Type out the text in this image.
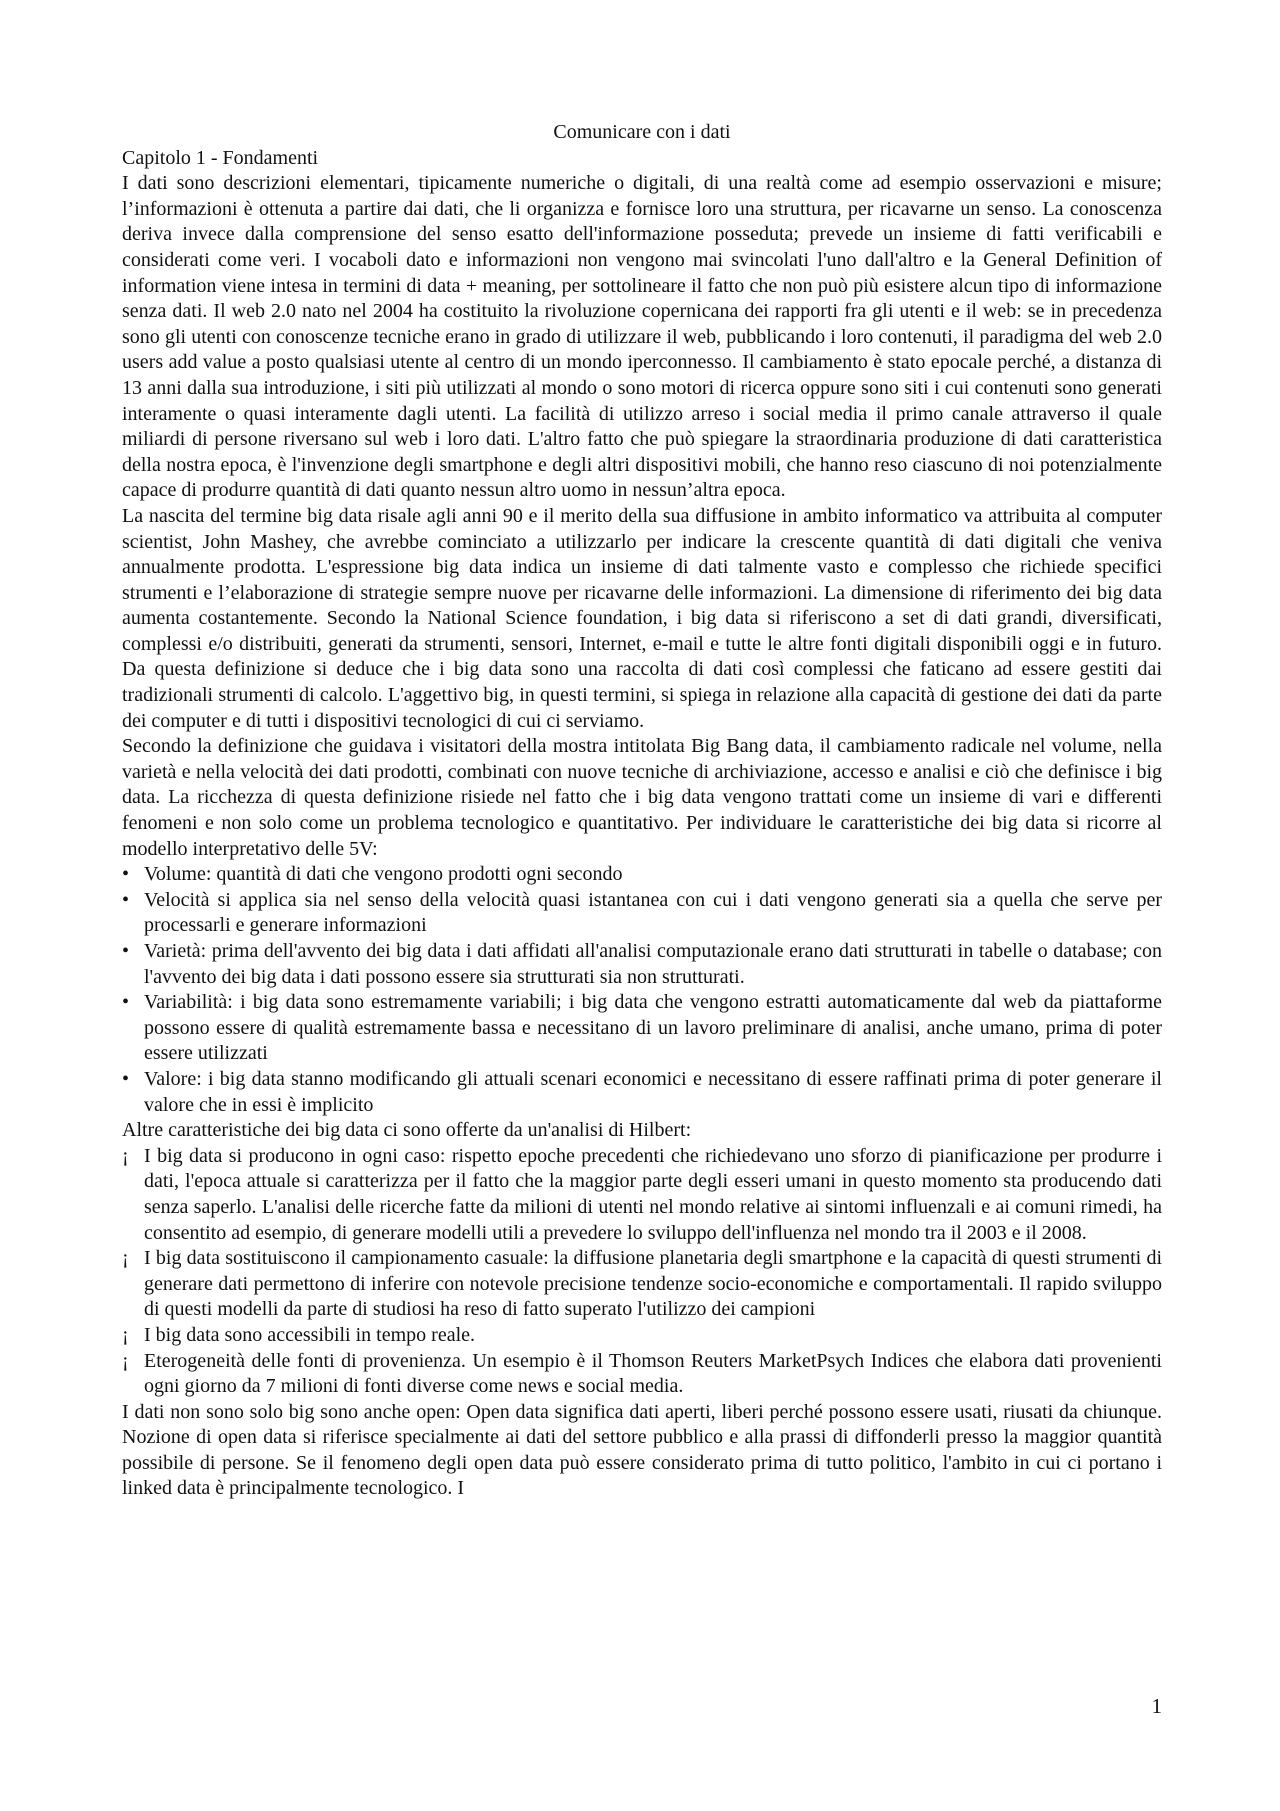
Comunicare con i dati
Capitolo 1 - Fondamenti

I dati sono descrizioni elementari, tipicamente numeriche o digitali, di una realtà come ad esempio osservazioni e misure; l’informazioni è ottenuta a partire dai dati, che li organizza e fornisce loro una struttura, per ricavarne un senso. La conoscenza deriva invece dalla comprensione del senso esatto dell'informazione posseduta; prevede un insieme di fatti verificabili e considerati come veri. I vocaboli dato e informazioni non vengono mai svincolati l'uno dall'altro e la General Definition of information viene intesa in termini di data + meaning, per sottolineare il fatto che non può più esistere alcun tipo di informazione senza dati. Il web 2.0 nato nel 2004 ha costituito la rivoluzione copernicana dei rapporti fra gli utenti e il web: se in precedenza sono gli utenti con conoscenze tecniche erano in grado di utilizzare il web, pubblicando i loro contenuti, il paradigma del web 2.0 users add value a posto qualsiasi utente al centro di un mondo iperconnesso. Il cambiamento è stato epocale perché, a distanza di 13 anni dalla sua introduzione, i siti più utilizzati al mondo o sono motori di ricerca oppure sono siti i cui contenuti sono generati interamente o quasi interamente dagli utenti. La facilità di utilizzo arreso i social media il primo canale attraverso il quale miliardi di persone riversano sul web i loro dati. L'altro fatto che può spiegare la straordinaria produzione di dati caratteristica della nostra epoca, è l'invenzione degli smartphone e degli altri dispositivi mobili, che hanno reso ciascuno di noi potenzialmente capace di produrre quantità di dati quanto nessun altro uomo in nessun’altra epoca.

La nascita del termine big data risale agli anni 90 e il merito della sua diffusione in ambito informatico va attribuita al computer scientist, John Mashey, che avrebbe cominciato a utilizzarlo per indicare la crescente quantità di dati digitali che veniva annualmente prodotta. L'espressione big data indica un insieme di dati talmente vasto e complesso che richiede specifici strumenti e l’elaborazione di strategie sempre nuove per ricavarne delle informazioni. La dimensione di riferimento dei big data aumenta costantemente. Secondo la National Science foundation, i big data si riferiscono a set di dati grandi, diversificati, complessi e/o distribuiti, generati da strumenti, sensori, Internet, e-mail e tutte le altre fonti digitali disponibili oggi e in futuro. Da questa definizione si deduce che i big data sono una raccolta di dati così complessi che faticano ad essere gestiti dai tradizionali strumenti di calcolo. L'aggettivo big, in questi termini, si spiega in relazione alla capacità di gestione dei dati da parte dei computer e di tutti i dispositivi tecnologici di cui ci serviamo.

Secondo la definizione che guidava i visitatori della mostra intitolata Big Bang data, il cambiamento radicale nel volume, nella varietà e nella velocità dei dati prodotti, combinati con nuove tecniche di archiviazione, accesso e analisi e ciò che definisce i big data. La ricchezza di questa definizione risiede nel fatto che i big data vengono trattati come un insieme di vari e differenti fenomeni e non solo come un problema tecnologico e quantitativo. Per individuare le caratteristiche dei big data si ricorre al modello interpretativo delle 5V:

• Volume: quantità di dati che vengono prodotti ogni secondo
• Velocità si applica sia nel senso della velocità quasi istantanea con cui i dati vengono generati sia a quella che serve per processarli e generare informazioni
• Varietà: prima dell'avvento dei big data i dati affidati all'analisi computazionale erano dati strutturati in tabelle o database; con l'avvento dei big data i dati possono essere sia strutturati sia non strutturati.
• Variabilità: i big data sono estremamente variabili; i big data che vengono estratti automaticamente dal web da piattaforme possono essere di qualità estremamente bassa e necessitano di un lavoro preliminare di analisi, anche umano, prima di poter essere utilizzati
• Valore: i big data stanno modificando gli attuali scenari economici e necessitano di essere raffinati prima di poter generare il valore che in essi è implicito

Altre caratteristiche dei big data ci sono offerte da un'analisi di Hilbert:

¡ I big data si producono in ogni caso: rispetto epoche precedenti che richiedevano uno sforzo di pianificazione per produrre i dati, l'epoca attuale si caratterizza per il fatto che la maggior parte degli esseri umani in questo momento sta producendo dati senza saperlo. L'analisi delle ricerche fatte da milioni di utenti nel mondo relative ai sintomi influenzali e ai comuni rimedi, ha consentito ad esempio, di generare modelli utili a prevedere lo sviluppo dell'influenza nel mondo tra il 2003 e il 2008.
¡ I big data sostituiscono il campionamento casuale: la diffusione planetaria degli smartphone e la capacità di questi strumenti di generare dati permettono di inferire con notevole precisione tendenze socio-economiche e comportamentali. Il rapido sviluppo di questi modelli da parte di studiosi ha reso di fatto superato l'utilizzo dei campioni
¡ I big data sono accessibili in tempo reale.
¡ Eterogeneità delle fonti di provenienza. Un esempio è il Thomson Reuters MarketPsych Indices che elabora dati provenienti ogni giorno da 7 milioni di fonti diverse come news e social media.

I dati non sono solo big sono anche open: Open data significa dati aperti, liberi perché possono essere usati, riusati da chiunque. Nozione di open data si riferisce specialmente ai dati del settore pubblico e alla prassi di diffonderli presso la maggior quantità possibile di persone. Se il fenomeno degli open data può essere considerato prima di tutto politico, l'ambito in cui ci portano i linked data è principalmente tecnologico. I

1
